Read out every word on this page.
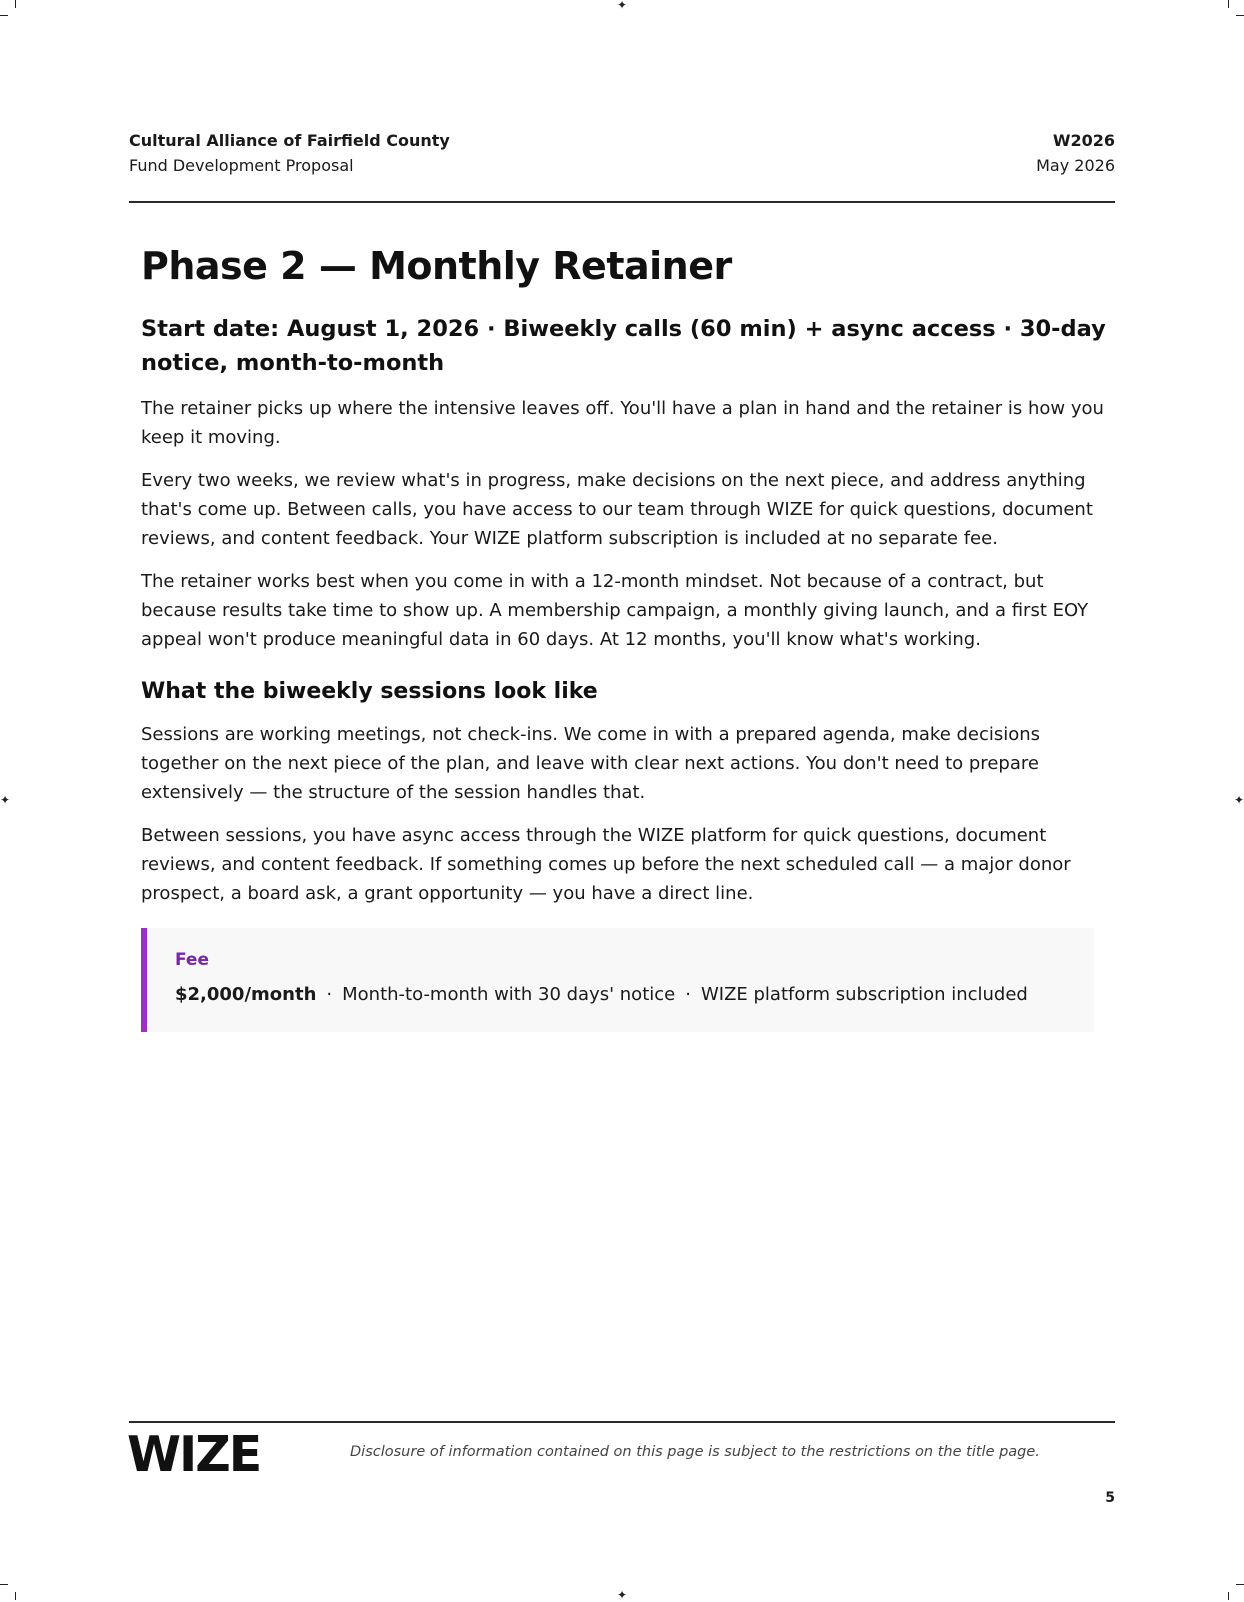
✦
✦
✦	✦
Cultural Alliance of Fairfield County
Fund Development Proposal
W2026
May 2026
Phase 2 — Monthly Retainer
Start date: August 1, 2026 · Biweekly calls (60 min) + async access · 30-day notice, month-to-month

The retainer picks up where the intensive leaves off. You'll have a plan in hand and the retainer is how you keep it moving.

Every two weeks, we review what's in progress, make decisions on the next piece, and address anything that's come up. Between calls, you have access to our team through WIZE for quick questions, document reviews, and content feedback. Your WIZE platform subscription is included at no separate fee.

The retainer works best when you come in with a 12-month mindset. Not because of a contract, but because results take time to show up. A membership campaign, a monthly giving launch, and a first EOY appeal won't produce meaningful data in 60 days. At 12 months, you'll know what's working.

What the biweekly sessions look like

Sessions are working meetings, not check-ins. We come in with a prepared agenda, make decisions together on the next piece of the plan, and leave with clear next actions. You don't need to prepare extensively — the structure of the session handles that.

Between sessions, you have async access through the WIZE platform for quick questions, document reviews, and content feedback. If something comes up before the next scheduled call — a major donor prospect, a board ask, a grant opportunity — you have a direct line.

Fee
$2,000/month · Month-to-month with 30 days' notice · WIZE platform subscription included
WIZE	Disclosure of information contained on this page is subject to the restrictions on the title page.
5
